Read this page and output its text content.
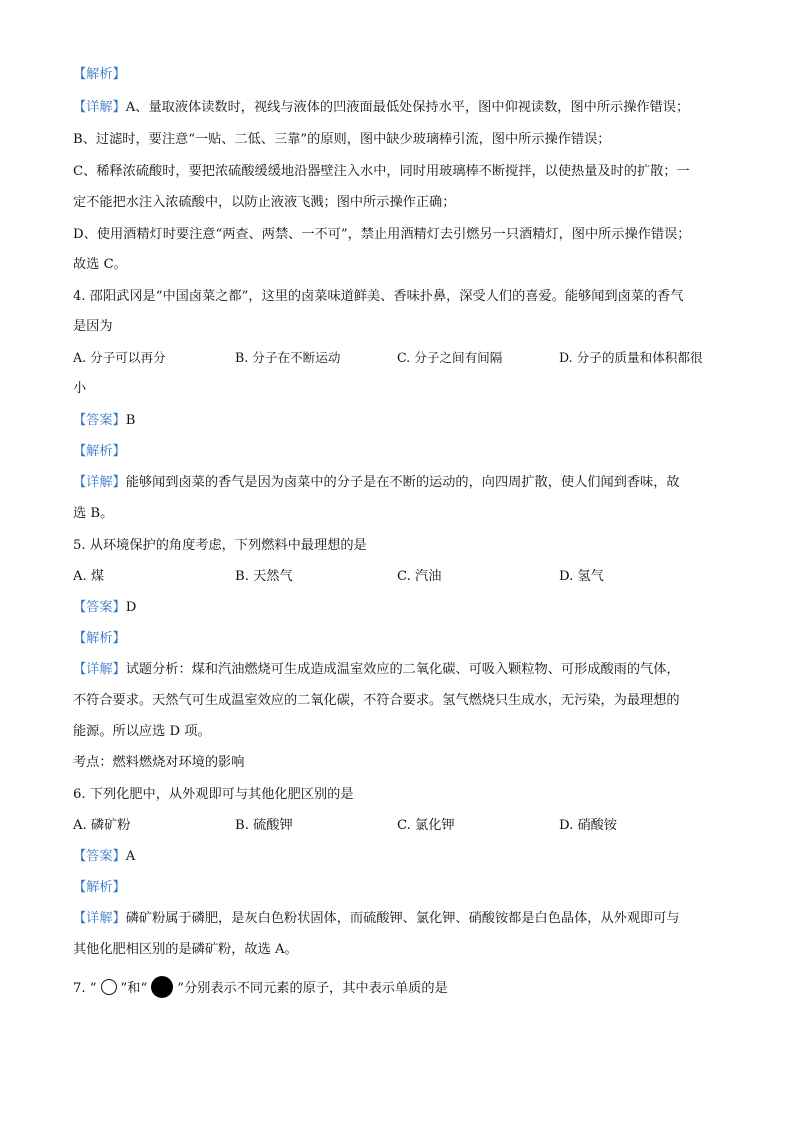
【解析】
【详解】A、量取液体读数时，视线与液体的凹液面最低处保持水平，图中仰视读数，图中所示操作错误；
B、过滤时，要注意“一贴、二低、三靠”的原则，图中缺少玻璃棒引流，图中所示操作错误；
C、稀释浓硫酸时，要把浓硫酸缓缓地沿器壁注入水中，同时用玻璃棒不断搅拌，以使热量及时的扩散；一
定不能把水注入浓硫酸中，以防止液液飞溅；图中所示操作正确；
D、使用酒精灯时要注意“两查、两禁、一不可”，禁止用酒精灯去引燃另一只酒精灯，图中所示操作错误；
故选 C。
4. 邵阳武冈是“中国卤菜之都”，这里的卤菜味道鲜美、香味扑鼻，深受人们的喜爱。能够闻到卤菜的香气
是因为
A. 分子可以再分	B. 分子在不断运动	C. 分子之间有间隔	D. 分子的质量和体积都很
小
【答案】B
【解析】
【详解】能够闻到卤菜的香气是因为卤菜中的分子是在不断的运动的，向四周扩散，使人们闻到香味，故
选 B。
5. 从环境保护的角度考虑，下列燃料中最理想的是
A. 煤	B. 天然气	C. 汽油	D. 氢气
【答案】D
【解析】
【详解】试题分析：煤和汽油燃烧可生成造成温室效应的二氧化碳、可吸入颗粒物、可形成酸雨的气体，
不符合要求。天然气可生成温室效应的二氧化碳，不符合要求。氢气燃烧只生成水，无污染，为最理想的
能源。所以应选 D 项。
考点：燃料燃烧对环境的影响
6. 下列化肥中，从外观即可与其他化肥区别的是
A. 磷矿粉	B. 硫酸钾	C. 氯化钾	D. 硝酸铵
【答案】A
【解析】
【详解】磷矿粉属于磷肥，是灰白色粉状固体，而硫酸钾、氯化钾、硝酸铵都是白色晶体，从外观即可与
其他化肥相区别的是磷矿粉，故选 A。
7. “ ”和“ ”分别表示不同元素的原子，其中表示单质的是
